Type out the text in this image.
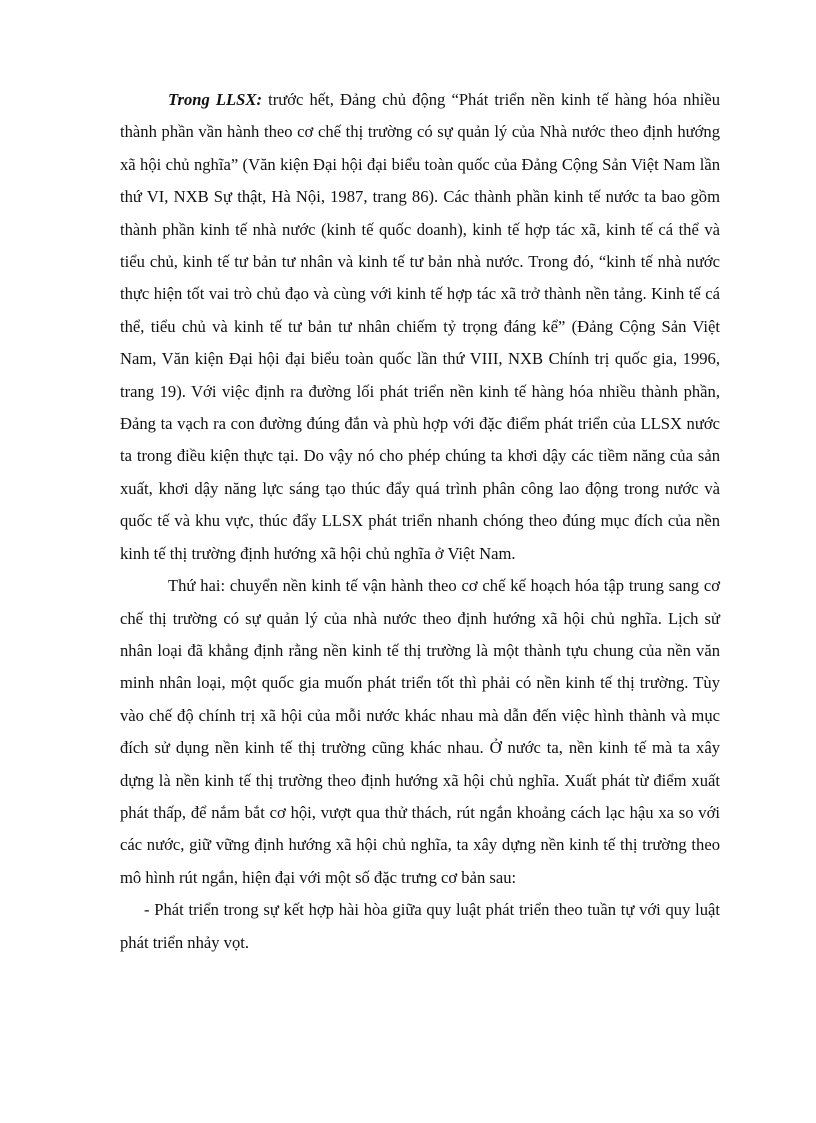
Trong LLSX: trước hết, Đảng chủ động “Phát triển nền kinh tế hàng hóa nhiều thành phần vần hành theo cơ chế thị trường có sự quản lý của Nhà nước theo định hướng xã hội chủ nghĩa” (Văn kiện Đại hội đại biểu toàn quốc của Đảng Cộng Sản Việt Nam lần thứ VI, NXB Sự thật, Hà Nội, 1987, trang 86). Các thành phần kinh tế nước ta bao gồm thành phần kinh tế nhà nước (kinh tế quốc doanh), kinh tế hợp tác xã, kinh tế cá thể và tiểu chủ, kinh tế tư bản tư nhân và kinh tế tư bản nhà nước. Trong đó, “kinh tế nhà nước thực hiện tốt vai trò chủ đạo và cùng với kinh tế hợp tác xã trở thành nền tảng. Kinh tế cá thể, tiểu chủ và kinh tế tư bản tư nhân chiếm tỷ trọng đáng kể” (Đảng Cộng Sản Việt Nam, Văn kiện Đại hội đại biểu toàn quốc lần thứ VIII, NXB Chính trị quốc gia, 1996, trang 19). Với việc định ra đường lối phát triển nền kinh tế hàng hóa nhiều thành phần, Đảng ta vạch ra con đường đúng đắn và phù hợp với đặc điểm phát triển của LLSX nước ta trong điều kiện thực tại. Do vậy nó cho phép chúng ta khơi dậy các tiềm năng của sản xuất, khơi dậy năng lực sáng tạo thúc đẩy quá trình phân công lao động trong nước và quốc tế và khu vực, thúc đẩy LLSX phát triển nhanh chóng theo đúng mục đích của nền kinh tế thị trường định hướng xã hội chủ nghĩa ở Việt Nam.

Thứ hai: chuyển nền kinh tế vận hành theo cơ chế kế hoạch hóa tập trung sang cơ chế thị trường có sự quản lý của nhà nước theo định hướng xã hội chủ nghĩa. Lịch sử nhân loại đã khẳng định rằng nền kinh tế thị trường là một thành tựu chung của nền văn minh nhân loại, một quốc gia muốn phát triển tốt thì phải có nền kinh tế thị trường. Tùy vào chế độ chính trị xã hội của mỗi nước khác nhau mà dẫn đến việc hình thành và mục đích sử dụng nền kinh tế thị trường cũng khác nhau. Ở nước ta, nền kinh tế mà ta xây dựng là nền kinh tế thị trường theo định hướng xã hội chủ nghĩa. Xuất phát từ điểm xuất phát thấp, để nắm bắt cơ hội, vượt qua thử thách, rút ngắn khoảng cách lạc hậu xa so với các nước, giữ vững định hướng xã hội chủ nghĩa, ta xây dựng nền kinh tế thị trường theo mô hình rút ngắn, hiện đại với một số đặc trưng cơ bản sau:

- Phát triển trong sự kết hợp hài hòa giữa quy luật phát triển theo tuần tự với quy luật phát triển nhảy vọt.
